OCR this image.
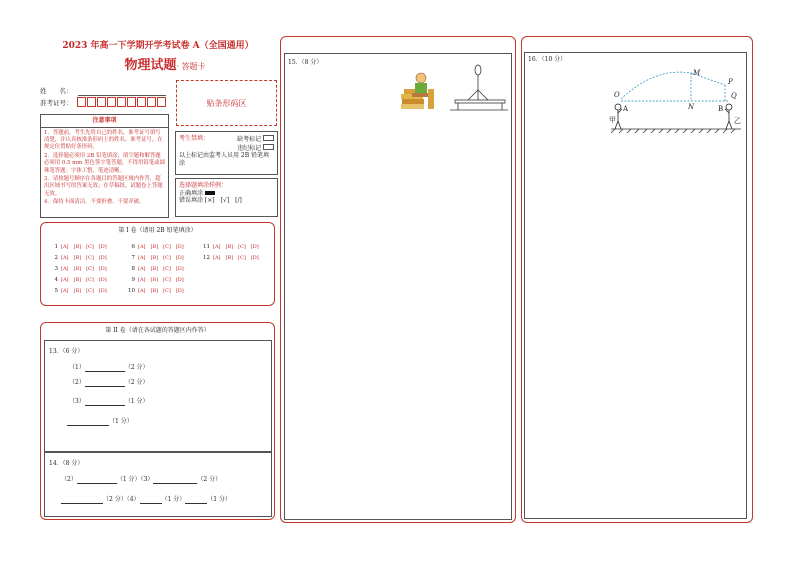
2023 年高一下学期开学考试卷 A（全国通用）
物理试题· 答题卡
姓　　名：
准考证号：	贴条形码区
注意事项
1．答题前，考生先将自己的姓名，准考证号填写清楚，并认真核准条形码上的姓名、准考证号，在规定位置贴好条形码。
2．选择题必须用 2B 铅笔填涂；填空题和解答题必须用 0.5 mm 黑色签字笔答题，不得用铅笔或圆珠笔答题；字体工整、笔迹清晰。
3．请按题号顺序在各题目的答题区域内作答，超出区域书写的答案无效；在草稿纸、试题卷上答题无效。
4．保持卡面清洁，不要折叠、不要弄破。
考生禁填：	缺考标记
违纪标记
以上标记由监考人员用 2B 铅笔填涂
选择题填涂样例：
正确填涂
错误填涂 [×]　[√]　[/]
第 I 卷（请用 2B 铅笔填涂）
1 [A]　[B]　[C]　[D]
2 [A]　[B]　[C]　[D]
3 [A]　[B]　[C]　[D]
4 [A]　[B]　[C]　[D]
5 [A]　[B]　[C]　[D]
6 [A]　[B]　[C]　[D]
7 [A]　[B]　[C]　[D]
8 [A]　[B]　[C]　[D]
9 [A]　[B]　[C]　[D]
10 [A]　[B]　[C]　[D]
11 [A]　[B]　[C]　[D]
12 [A]　[B]　[C]　[D]
第 II 卷（请在各试题的答题区内作答）
13．（6 分）
（1）	（2 分）
（2）	（2 分）
（3）	（1 分）
（1 分）
14．（8 分）
（2）	（1 分）（3）	（2 分）
（2 分）（4）	（1 分）	（1 分）
15．（8 分）	16．（10 分）
O
A
甲
M
N
P
Q
B
乙
